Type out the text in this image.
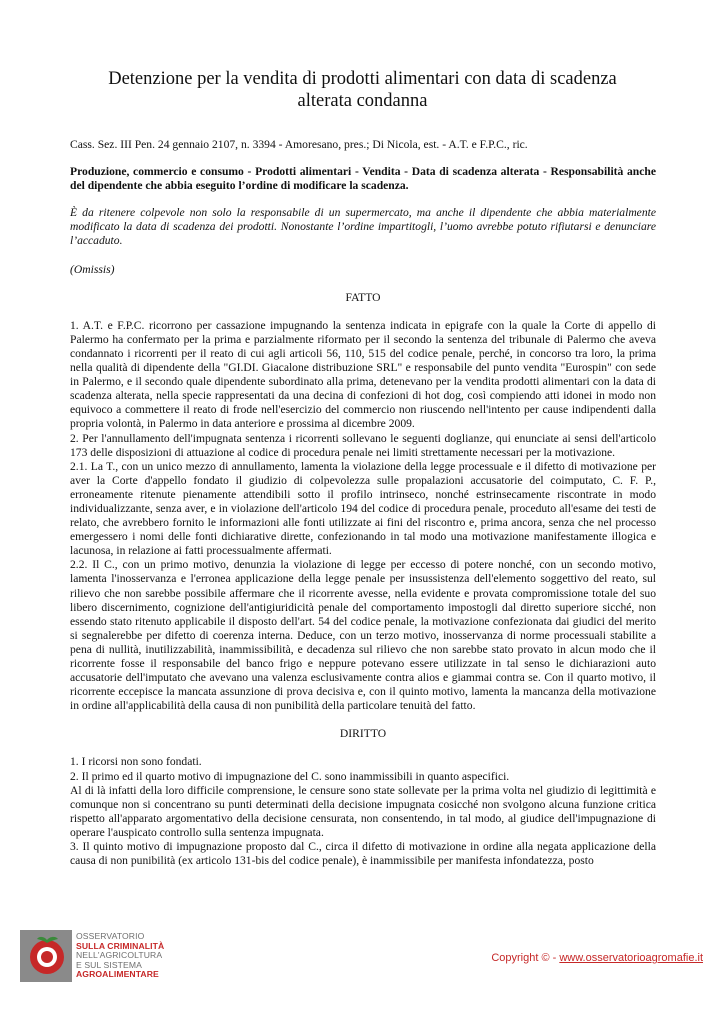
Detenzione per la vendita di prodotti alimentari con data di scadenza
alterata condanna

Cass. Sez. III Pen. 24 gennaio 2107, n. 3394 - Amoresano, pres.; Di Nicola, est. - A.T. e F.P.C., ric.

Produzione, commercio e consumo - Prodotti alimentari - Vendita - Data di scadenza alterata - Responsabilità anche del dipendente che abbia eseguito l’ordine di modificare la scadenza.

È da ritenere colpevole non solo la responsabile di un supermercato, ma anche il dipendente che abbia materialmente modificato la data di scadenza dei prodotti. Nonostante l’ordine impartitogli, l’uomo avrebbe potuto rifiutarsi e denunciare l’accaduto.

(Omissis)

FATTO

1. A.T. e F.P.C. ricorrono per cassazione impugnando la sentenza indicata in epigrafe con la quale la Corte di appello di Palermo ha confermato per la prima e parzialmente riformato per il secondo la sentenza del tribunale di Palermo che aveva condannato i ricorrenti per il reato di cui agli articoli 56, 110, 515 del codice penale, perché, in concorso tra loro, la prima nella qualità di dipendente della "GI.DI. Giacalone distribuzione SRL" e responsabile del punto vendita "Eurospin" con sede in Palermo, e il secondo quale dipendente subordinato alla prima, detenevano per la vendita prodotti alimentari con la data di scadenza alterata, nella specie rappresentati da una decina di confezioni di hot dog, così compiendo atti idonei in modo non equivoco a commettere il reato di frode nell'esercizio del commercio non riuscendo nell'intento per cause indipendenti dalla propria volontà, in Palermo in data anteriore e prossima al dicembre 2009.

2. Per l'annullamento dell'impugnata sentenza i ricorrenti sollevano le seguenti doglianze, qui enunciate ai sensi dell'articolo 173 delle disposizioni di attuazione al codice di procedura penale nei limiti strettamente necessari per la motivazione.

2.1. La T., con un unico mezzo di annullamento, lamenta la violazione della legge processuale e il difetto di motivazione per aver la Corte d'appello fondato il giudizio di colpevolezza sulle propalazioni accusatorie del coimputato, C. F. P., erroneamente ritenute pienamente attendibili sotto il profilo intrinseco, nonché estrinsecamente riscontrate in modo individualizzante, senza aver, e in violazione dell'articolo 194 del codice di procedura penale, proceduto all'esame dei testi de relato, che avrebbero fornito le informazioni alle fonti utilizzate ai fini del riscontro e, prima ancora, senza che nel processo emergessero i nomi delle fonti dichiarative dirette, confezionando in tal modo una motivazione manifestamente illogica e lacunosa, in relazione ai fatti processualmente affermati.

2.2. Il C., con un primo motivo, denunzia la violazione di legge per eccesso di potere nonché, con un secondo motivo, lamenta l'inosservanza e l'erronea applicazione della legge penale per insussistenza dell'elemento soggettivo del reato, sul rilievo che non sarebbe possibile affermare che il ricorrente avesse, nella evidente e provata compromissione totale del suo libero discernimento, cognizione dell'antigiuridicità penale del comportamento impostogli dal diretto superiore sicché, non essendo stato ritenuto applicabile il disposto dell'art. 54 del codice penale, la motivazione confezionata dai giudici del merito si segnalerebbe per difetto di coerenza interna. Deduce, con un terzo motivo, inosservanza di norme processuali stabilite a pena di nullità, inutilizzabilità, inammissibilità, e decadenza sul rilievo che non sarebbe stato provato in alcun modo che il ricorrente fosse il responsabile del banco frigo e neppure potevano essere utilizzate in tal senso le dichiarazioni auto accusatorie dell'imputato che avevano una valenza esclusivamente contra alios e giammai contra se. Con il quarto motivo, il ricorrente eccepisce la mancata assunzione di prova decisiva e, con il quinto motivo, lamenta la mancanza della motivazione in ordine all'applicabilità della causa di non punibilità della particolare tenuità del fatto.

DIRITTO

1. I ricorsi non sono fondati.

2. Il primo ed il quarto motivo di impugnazione del C. sono inammissibili in quanto aspecifici.

Al di là infatti della loro difficile comprensione, le censure sono state sollevate per la prima volta nel giudizio di legittimità e comunque non si concentrano su punti determinati della decisione impugnata cosicché non svolgono alcuna funzione critica rispetto all'apparato argomentativo della decisione censurata, non consentendo, in tal modo, al giudice dell'impugnazione di operare l'auspicato controllo sulla sentenza impugnata.

3. Il quinto motivo di impugnazione proposto dal C., circa il difetto di motivazione in ordine alla negata applicazione della causa di non punibilità (ex articolo 131-bis del codice penale), è inammissibile per manifesta infondatezza, posto

OSSERVATORIO
SULLA CRIMINALITÀ
NELL'AGRICOLTURA
E SUL SISTEMA
AGROALIMENTARE
Copyright © - www.osservatorioagromafie.it
